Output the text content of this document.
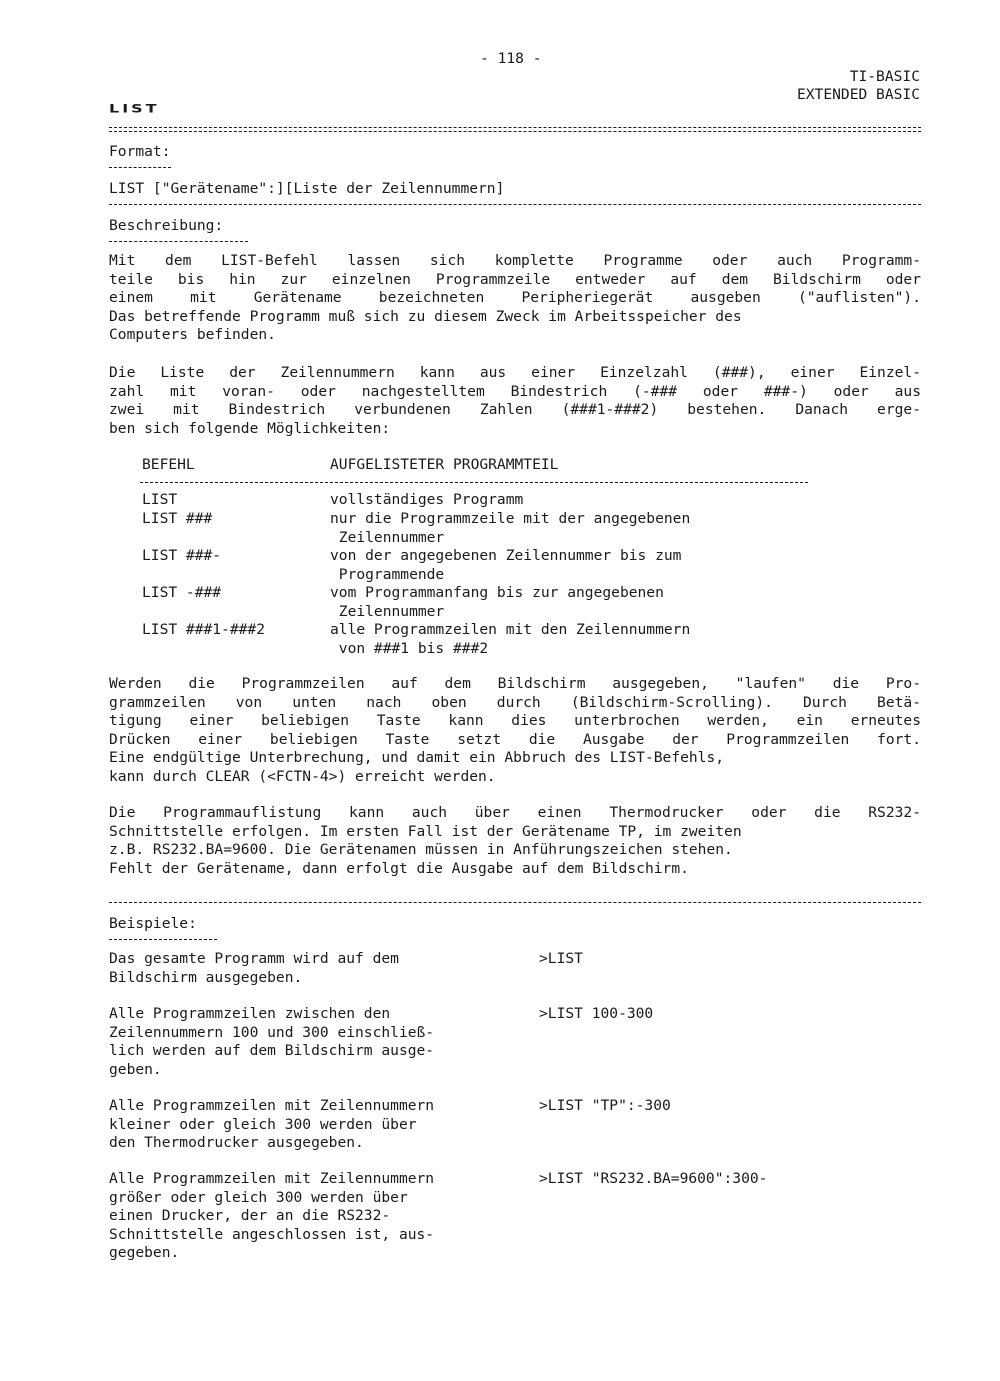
- 118 -
TI-BASIC
EXTENDED BASIC
LIST
Format:
LIST ["Gerätename":][Liste der Zeilennummern]
Beschreibung:
Mit dem LIST-Befehl lassen sich komplette Programme oder auch Programm-
teile bis hin zur einzelnen Programmzeile entweder auf dem Bildschirm oder
einem mit Gerätename bezeichneten Peripheriegerät ausgeben ("auflisten").
Das betreffende Programm muß sich zu diesem Zweck im Arbeitsspeicher des
Computers befinden.
Die Liste der Zeilennummern kann aus einer Einzelzahl (###), einer Einzel-
zahl mit voran- oder nachgestelltem Bindestrich (-### oder ###-) oder aus
zwei mit Bindestrich verbundenen Zahlen (###1-###2) bestehen. Danach erge-
ben sich folgende Möglichkeiten:
BEFEHL	AUFGELISTETER PROGRAMMTEIL
LIST	vollständiges Programm
LIST ###	nur die Programmzeile mit der angegebenen
Zeilennummer
LIST ###-	von der angegebenen Zeilennummer bis zum
Programmende
LIST -###	vom Programmanfang bis zur angegebenen
Zeilennummer
LIST ###1-###2	alle Programmzeilen mit den Zeilennummern
von ###1 bis ###2
Werden die Programmzeilen auf dem Bildschirm ausgegeben, "laufen" die Pro-
grammzeilen von unten nach oben durch (Bildschirm-Scrolling). Durch Betä-
tigung einer beliebigen Taste kann dies unterbrochen werden, ein erneutes
Drücken einer beliebigen Taste setzt die Ausgabe der Programmzeilen fort.
Eine endgültige Unterbrechung, und damit ein Abbruch des LIST-Befehls,
kann durch CLEAR (<FCTN-4>) erreicht werden.
Die Programmauflistung kann auch über einen Thermodrucker oder die RS232-
Schnittstelle erfolgen. Im ersten Fall ist der Gerätename TP, im zweiten
z.B. RS232.BA=9600. Die Gerätenamen müssen in Anführungszeichen stehen.
Fehlt der Gerätename, dann erfolgt die Ausgabe auf dem Bildschirm.
Beispiele:
Das gesamte Programm wird auf dem
Bildschirm ausgegeben.
>LIST
Alle Programmzeilen zwischen den
Zeilennummern 100 und 300 einschließ-
lich werden auf dem Bildschirm ausge-
geben.
>LIST 100-300
Alle Programmzeilen mit Zeilennummern
kleiner oder gleich 300 werden über
den Thermodrucker ausgegeben.
>LIST "TP":-300
Alle Programmzeilen mit Zeilennummern
größer oder gleich 300 werden über
einen Drucker, der an die RS232-
Schnittstelle angeschlossen ist, aus-
gegeben.
>LIST "RS232.BA=9600":300-
